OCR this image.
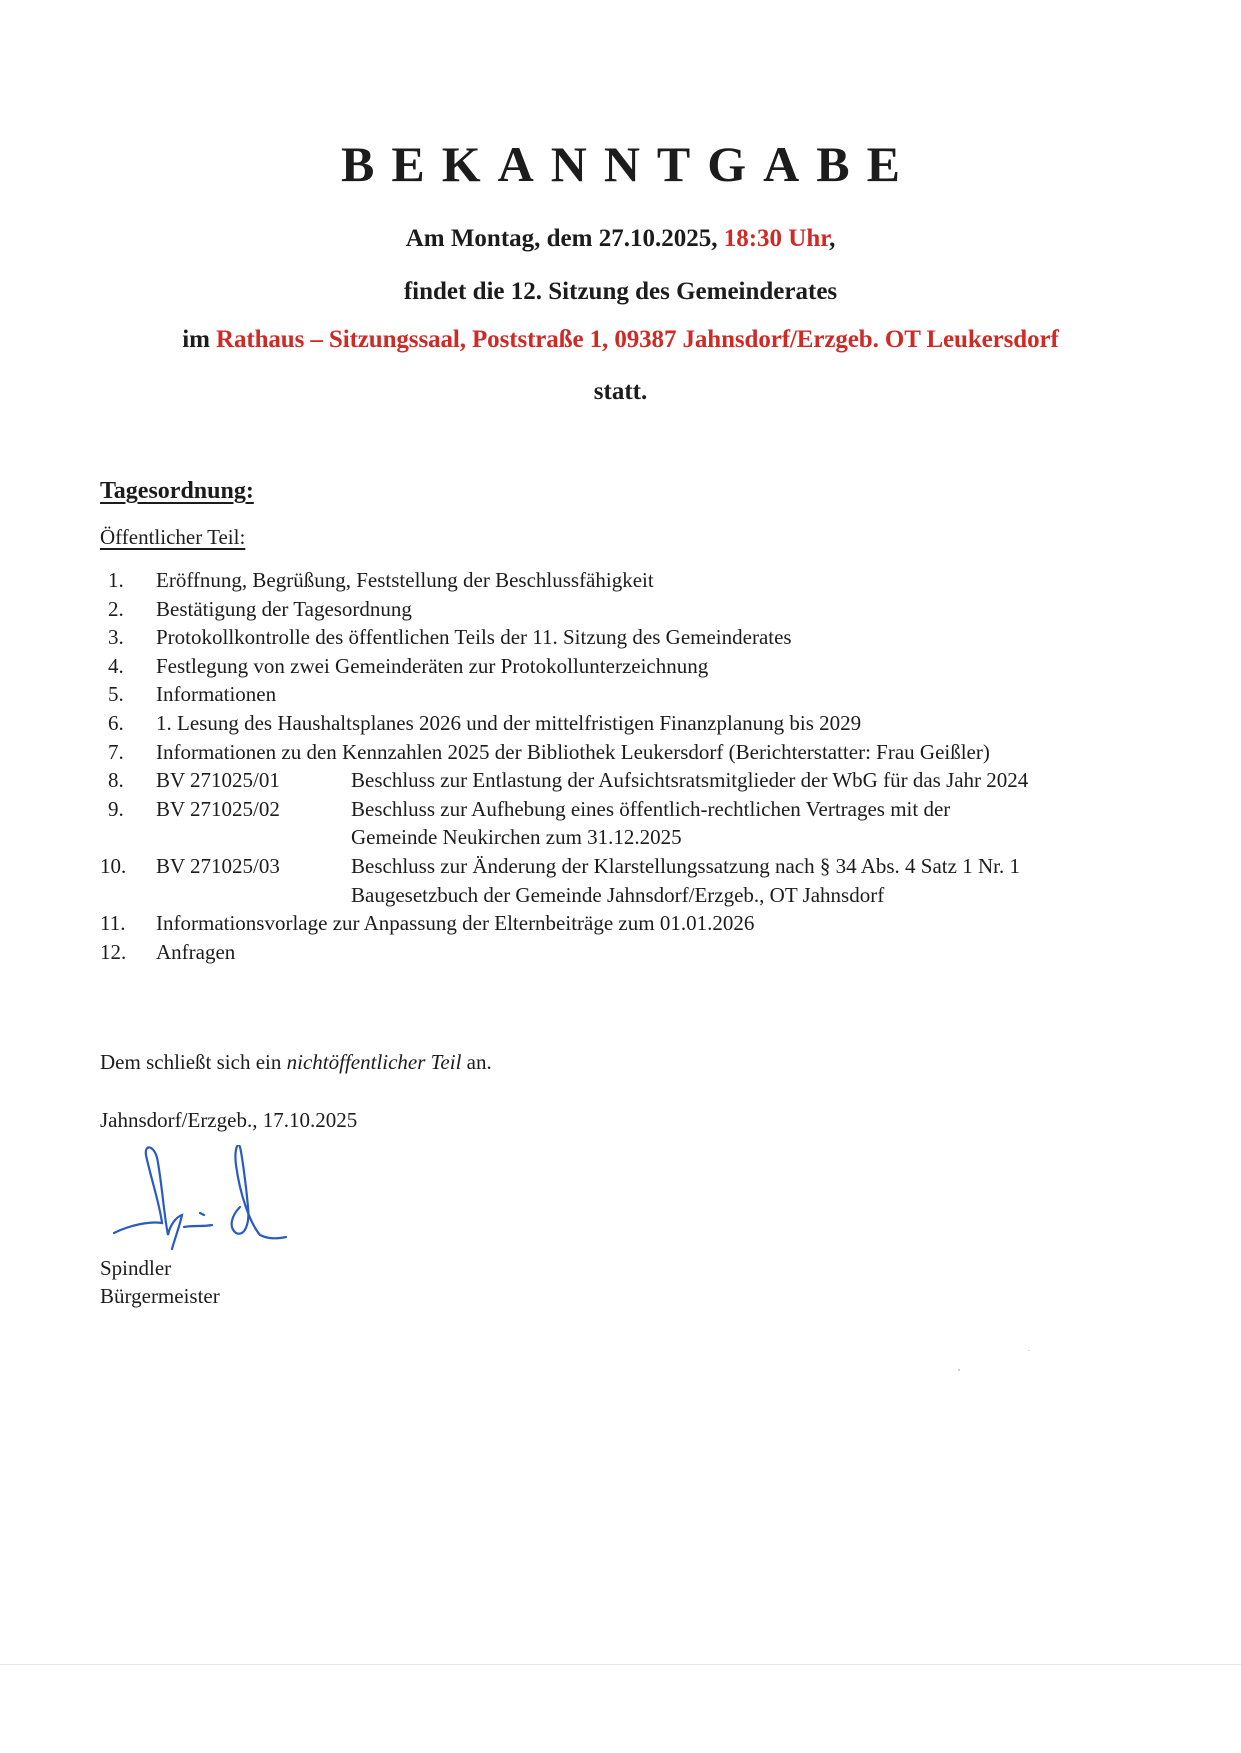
BEKANNTGABE
Am Montag, dem 27.10.2025, 18:30 Uhr,
findet die 12. Sitzung des Gemeinderates
im Rathaus – Sitzungssaal, Poststraße 1, 09387 Jahnsdorf/Erzgeb. OT Leukersdorf
statt.
Tagesordnung:
Öffentlicher Teil:
1.	Eröffnung, Begrüßung, Feststellung der Beschlussfähigkeit
2.	Bestätigung der Tagesordnung
3.	Protokollkontrolle des öffentlichen Teils der 11. Sitzung des Gemeinderates
4.	Festlegung von zwei Gemeinderäten zur Protokollunterzeichnung
5.	Informationen
6.	1. Lesung des Haushaltsplanes 2026 und der mittelfristigen Finanzplanung bis 2029
7.	Informationen zu den Kennzahlen 2025 der Bibliothek Leukersdorf (Berichterstatter: Frau Geißler)
8.	BV 271025/01	Beschluss zur Entlastung der Aufsichtsratsmitglieder der WbG für das Jahr 2024
9.	BV 271025/02	Beschluss zur Aufhebung eines öffentlich-rechtlichen Vertrages mit der Gemeinde Neukirchen zum 31.12.2025
10.	BV 271025/03	Beschluss zur Änderung der Klarstellungssatzung nach § 34 Abs. 4 Satz 1 Nr. 1 Baugesetzbuch der Gemeinde Jahnsdorf/Erzgeb., OT Jahnsdorf
11.	Informationsvorlage zur Anpassung der Elternbeiträge zum 01.01.2026
12.	Anfragen
Dem schließt sich ein nichtöffentlicher Teil an.
Jahnsdorf/Erzgeb., 17.10.2025
Spindler
Bürgermeister
